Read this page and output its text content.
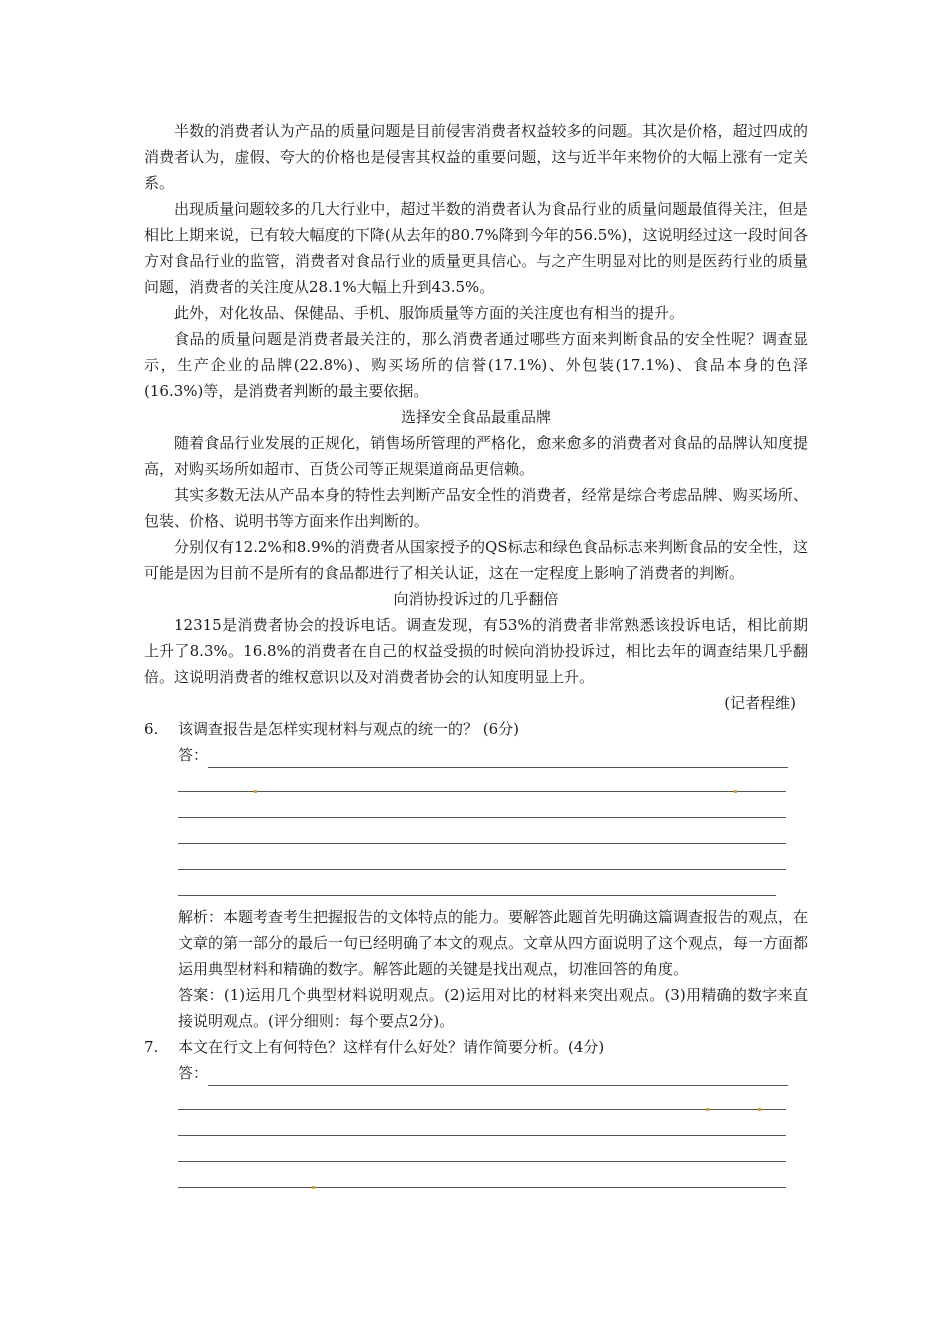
半数的消费者认为产品的质量问题是目前侵害消费者权益较多的问题。其次是价格，超过四成的消费者认为，虚假、夸大的价格也是侵害其权益的重要问题，这与近半年来物价的大幅上涨有一定关系。

出现质量问题较多的几大行业中，超过半数的消费者认为食品行业的质量问题最值得关注，但是相比上期来说，已有较大幅度的下降(从去年的80.7%降到今年的56.5%)，这说明经过这一段时间各方对食品行业的监管，消费者对食品行业的质量更具信心。与之产生明显对比的则是医药行业的质量问题，消费者的关注度从28.1%大幅上升到43.5%。

此外，对化妆品、保健品、手机、服饰质量等方面的关注度也有相当的提升。

食品的质量问题是消费者最关注的，那么消费者通过哪些方面来判断食品的安全性呢？调查显示，生产企业的品牌(22.8%)、购买场所的信誉(17.1%)、外包装(17.1%)、食品本身的色泽(16.3%)等，是消费者判断的最主要依据。

选择安全食品最重品牌

随着食品行业发展的正规化，销售场所管理的严格化，愈来愈多的消费者对食品的品牌认知度提高，对购买场所如超市、百货公司等正规渠道商品更信赖。

其实多数无法从产品本身的特性去判断产品安全性的消费者，经常是综合考虑品牌、购买场所、包装、价格、说明书等方面来作出判断的。

分别仅有12.2%和8.9%的消费者从国家授予的QS标志和绿色食品标志来判断食品的安全性，这可能是因为目前不是所有的食品都进行了相关认证，这在一定程度上影响了消费者的判断。

向消协投诉过的几乎翻倍

12315是消费者协会的投诉电话。调查发现，有53%的消费者非常熟悉该投诉电话，相比前期上升了8.3%。16.8%的消费者在自己的权益受损的时候向消协投诉过，相比去年的调查结果几乎翻倍。这说明消费者的维权意识以及对消费者协会的认知度明显上升。

(记者程维)

6.	该调查报告是怎样实现材料与观点的统一的？ (6分)
答：

解析：本题考查考生把握报告的文体特点的能力。要解答此题首先明确这篇调查报告的观点，在文章的第一部分的最后一句已经明确了本文的观点。文章从四方面说明了这个观点，每一方面都运用典型材料和精确的数字。解答此题的关键是找出观点，切准回答的角度。

答案：(1)运用几个典型材料说明观点。(2)运用对比的材料来突出观点。(3)用精确的数字来直接说明观点。(评分细则：每个要点2分)。

7.	本文在行文上有何特色？这样有什么好处？请作简要分析。(4分)
答：
